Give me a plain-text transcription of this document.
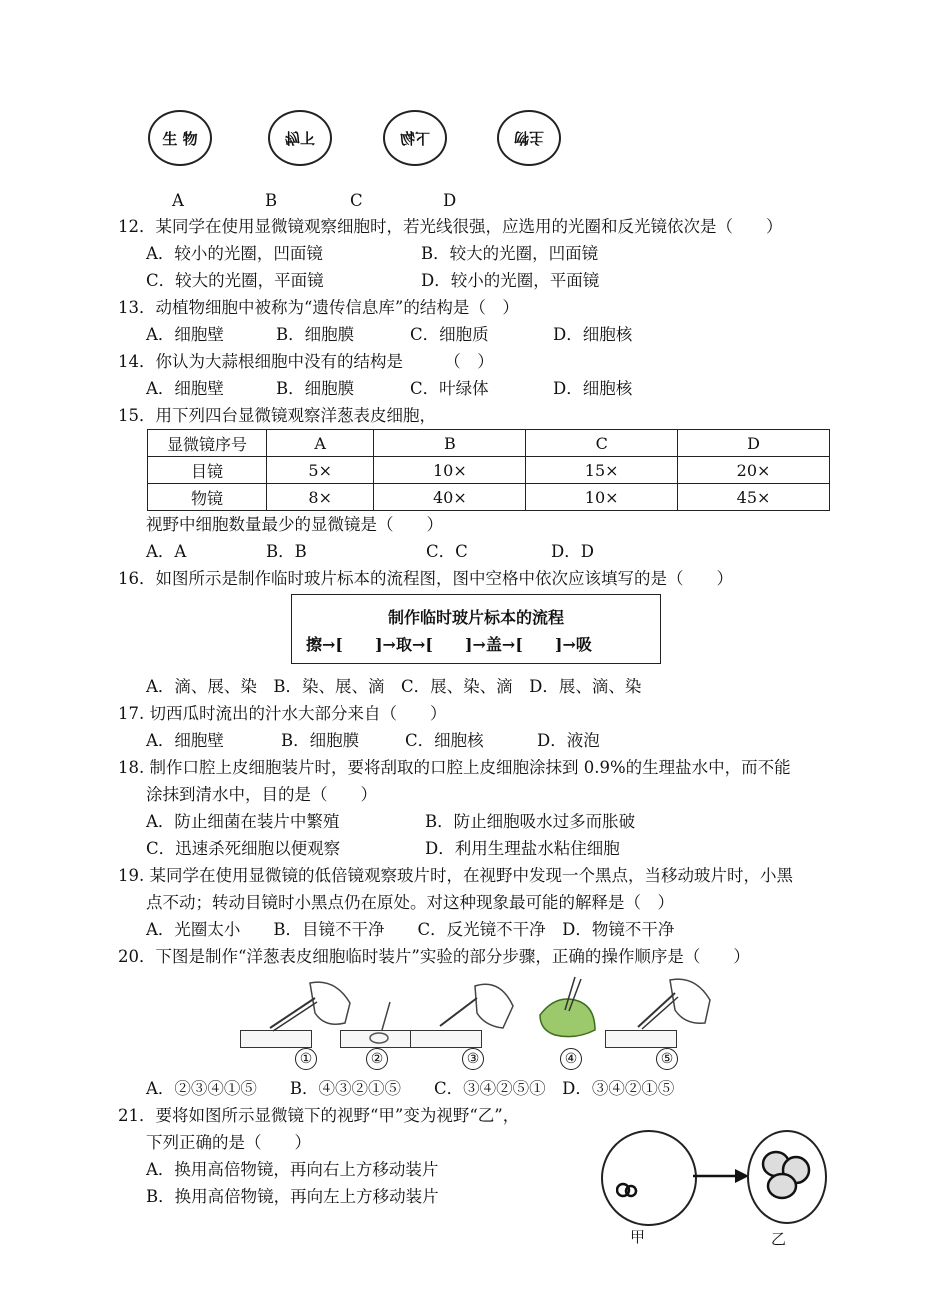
生 物	物下	下物	主物
A	B	C	D
12．某同学在使用显微镜观察细胞时，若光线很强，应选用的光圈和反光镜依次是（　　）
A．较小的光圈，凹面镜	B．较大的光圈，凹面镜
C．较大的光圈，平面镜	D．较小的光圈，平面镜
13．动植物细胞中被称为“遗传信息库”的结构是（　）
A．细胞壁	B．细胞膜	C．细胞质	D．细胞核
14．你认为大蒜根细胞中没有的结构是　　　（　）
A．细胞壁	B．细胞膜	C．叶绿体	D．细胞核
15．用下列四台显微镜观察洋葱表皮细胞，
显微镜序号	A	B	C	D
目镜	5×	10×	15×	20×
物镜	8×	40×	10×	45×
视野中细胞数量最少的显微镜是（　　）
A．A	B．B	C．C	D．D
16．如图所示是制作临时玻片标本的流程图，图中空格中依次应该填写的是（　　）
制作临时玻片标本的流程
擦→[　　]→取→[　　]→盖→[　　]→吸
A．滴、展、染　B．染、展、滴　C．展、染、滴　D．展、滴、染
17. 切西瓜时流出的汁水大部分来自（　　）
A．细胞壁	B．细胞膜	C．细胞核	D．液泡
18. 制作口腔上皮细胞装片时，要将刮取的口腔上皮细胞涂抹到 0.9%的生理盐水中，而不能
涂抹到清水中，目的是（　　）
A．防止细菌在装片中繁殖	B．防止细胞吸水过多而胀破
C．迅速杀死细胞以便观察	D．利用生理盐水粘住细胞
19. 某同学在使用显微镜的低倍镜观察玻片时，在视野中发现一个黑点，当移动玻片时，小黑
点不动；转动目镜时小黑点仍在原处。对这种现象最可能的解释是（　）
A．光圈太小　　B．目镜不干净　　C．反光镜不干净　D．物镜不干净
20．下图是制作“洋葱表皮细胞临时装片”实验的部分步骤，正确的操作顺序是（　　）
①	②	③	④	⑤
A．②③④①⑤　　B．④③②①⑤　　C．③④②⑤①　D．③④②①⑤
21．要将如图所示显微镜下的视野“甲”变为视野“乙”，
下列正确的是（　　）
A．换用高倍物镜，再向右上方移动装片
B．换用高倍物镜，再向左上方移动装片
甲	乙
